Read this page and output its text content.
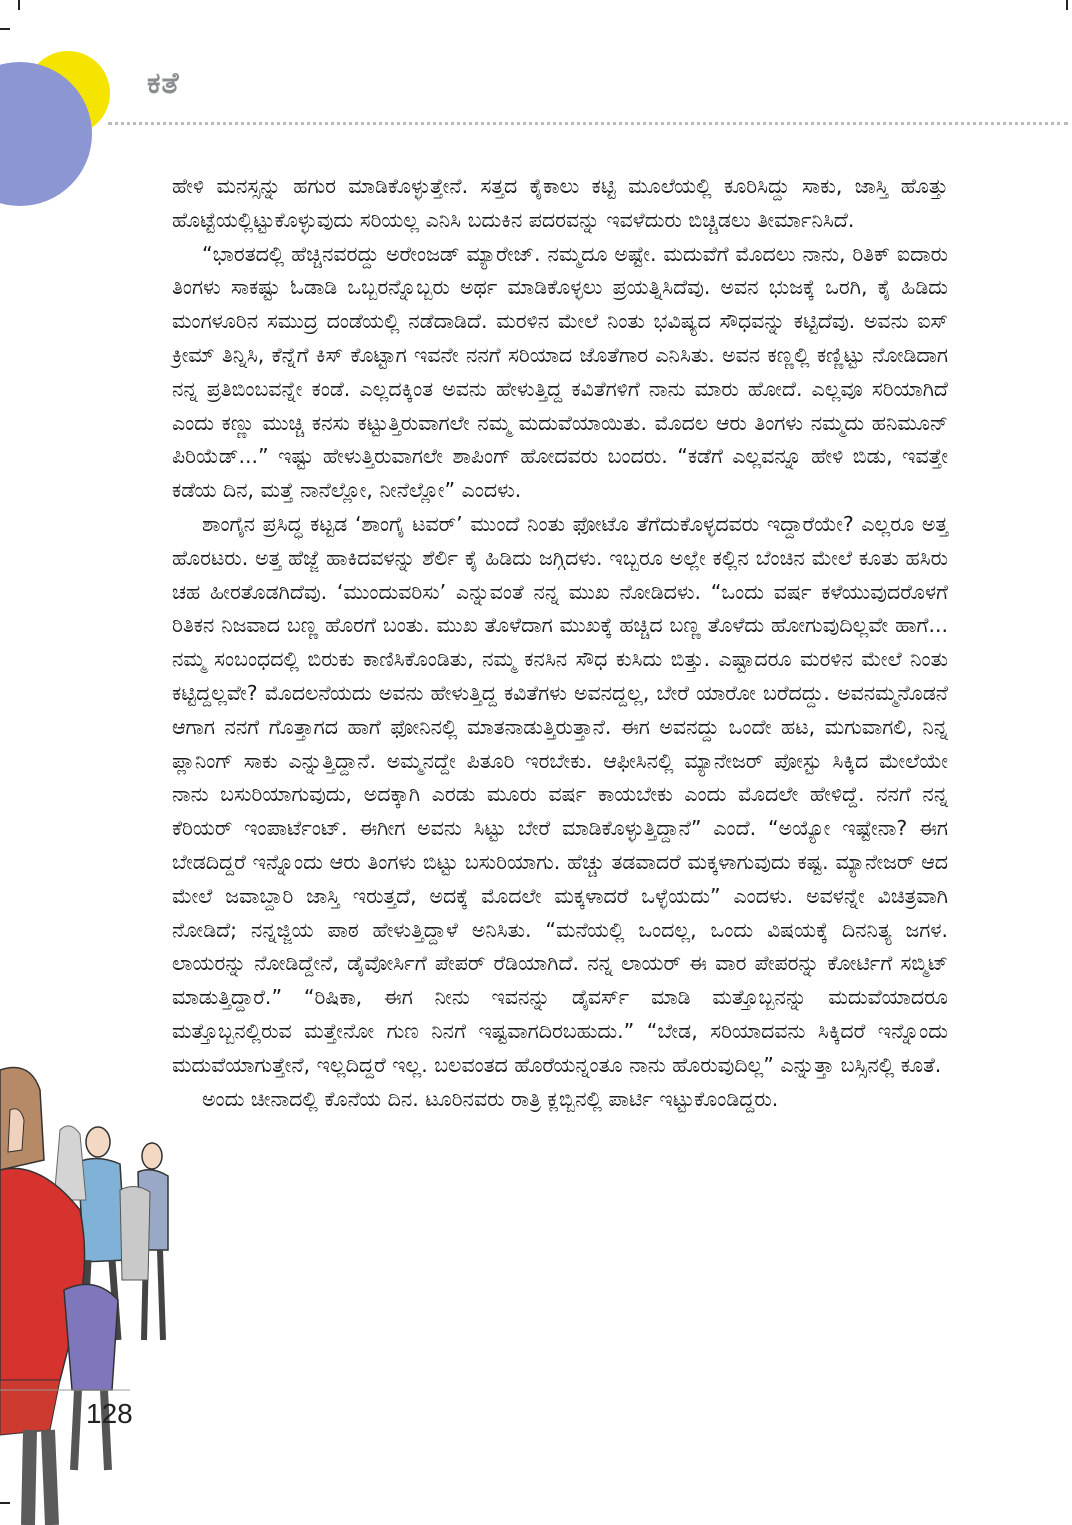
ಕತೆ

ಹೇಳಿ ಮನಸ್ಸನ್ನು ಹಗುರ ಮಾಡಿಕೊಳ್ಳುತ್ತೇನೆ. ಸತ್ತದ ಕೈಕಾಲು ಕಟ್ಟಿ ಮೂಲೆಯಲ್ಲಿ ಕೂರಿಸಿದ್ದು ಸಾಕು, ಜಾಸ್ತಿ ಹೊತ್ತು ಹೊಟ್ಟೆಯಲ್ಲಿಟ್ಟುಕೊಳ್ಳುವುದು ಸರಿಯಲ್ಲ ಎನಿಸಿ ಬದುಕಿನ ಪದರವನ್ನು ಇವಳೆದುರು ಬಿಚ್ಚಿಡಲು ತೀರ್ಮಾನಿಸಿದೆ.

“ಭಾರತದಲ್ಲಿ ಹೆಚ್ಚಿನವರದ್ದು ಅರೇಂಜಡ್ ಮ್ಯಾರೇಜ್. ನಮ್ಮದೂ ಅಷ್ಟೇ. ಮದುವೆಗೆ ಮೊದಲು ನಾನು, ರಿತಿಕ್ ಐದಾರು ತಿಂಗಳು ಸಾಕಷ್ಟು ಓಡಾಡಿ ಒಬ್ಬರನ್ನೊಬ್ಬರು ಅರ್ಥ ಮಾಡಿಕೊಳ್ಳಲು ಪ್ರಯತ್ನಿಸಿದೆವು. ಅವನ ಭುಜಕ್ಕೆ ಒರಗಿ, ಕೈ ಹಿಡಿದು ಮಂಗಳೂರಿನ ಸಮುದ್ರ ದಂಡೆಯಲ್ಲಿ ನಡೆದಾಡಿದೆ. ಮರಳಿನ ಮೇಲೆ ನಿಂತು ಭವಿಷ್ಯದ ಸೌಧವನ್ನು ಕಟ್ಟಿದೆವು. ಅವನು ಐಸ್ ಕ್ರೀಮ್ ತಿನ್ನಿಸಿ, ಕೆನ್ನೆಗೆ ಕಿಸ್ ಕೊಟ್ಟಾಗ ಇವನೇ ನನಗೆ ಸರಿಯಾದ ಜೊತೆಗಾರ ಎನಿಸಿತು. ಅವನ ಕಣ್ಣಲ್ಲಿ ಕಣ್ಣಿಟ್ಟು ನೋಡಿದಾಗ ನನ್ನ ಪ್ರತಿಬಿಂಬವನ್ನೇ ಕಂಡೆ. ಎಲ್ಲದಕ್ಕಿಂತ ಅವನು ಹೇಳುತ್ತಿದ್ದ ಕವಿತೆಗಳಿಗೆ ನಾನು ಮಾರು ಹೋದೆ. ಎಲ್ಲವೂ ಸರಿಯಾಗಿದೆ ಎಂದು ಕಣ್ಣು ಮುಚ್ಚಿ ಕನಸು ಕಟ್ಟುತ್ತಿರುವಾಗಲೇ ನಮ್ಮ ಮದುವೆಯಾಯಿತು. ಮೊದಲ ಆರು ತಿಂಗಳು ನಮ್ಮದು ಹನಿಮೂನ್ ಪಿರಿಯೆಡ್...” ಇಷ್ಟು ಹೇಳುತ್ತಿರುವಾಗಲೇ ಶಾಪಿಂಗ್ ಹೋದವರು ಬಂದರು. “ಕಡೆಗೆ ಎಲ್ಲವನ್ನೂ ಹೇಳಿ ಬಿಡು, ಇವತ್ತೇ ಕಡೆಯ ದಿನ, ಮತ್ತೆ ನಾನೆಲ್ಲೋ, ನೀನೆಲ್ಲೋ” ಎಂದಳು.

ಶಾಂಗೈನ ಪ್ರಸಿದ್ಧ ಕಟ್ಟಡ ‘ಶಾಂಗೈ ಟವರ್’ ಮುಂದೆ ನಿಂತು ಫೋಟೊ ತೆಗೆದುಕೊಳ್ಳದವರು ಇದ್ದಾರೆಯೇ? ಎಲ್ಲರೂ ಅತ್ತ ಹೊರಟರು. ಅತ್ತ ಹೆಜ್ಜೆ ಹಾಕಿದವಳನ್ನು ಶೆರ್ಲಿ ಕೈ ಹಿಡಿದು ಜಗ್ಗಿದಳು. ಇಬ್ಬರೂ ಅಲ್ಲೇ ಕಲ್ಲಿನ ಬೆಂಚಿನ ಮೇಲೆ ಕೂತು ಹಸಿರು ಚಹ ಹೀರತೊಡಗಿದೆವು. ‘ಮುಂದುವರಿಸು’ ಎನ್ನುವಂತೆ ನನ್ನ ಮುಖ ನೋಡಿದಳು. “ಒಂದು ವರ್ಷ ಕಳೆಯುವುದರೊಳಗೆ ರಿತಿಕನ ನಿಜವಾದ ಬಣ್ಣ ಹೊರಗೆ ಬಂತು. ಮುಖ ತೊಳೆದಾಗ ಮುಖಕ್ಕೆ ಹಚ್ಚಿದ ಬಣ್ಣ ತೊಳೆದು ಹೋಗುವುದಿಲ್ಲವೇ ಹಾಗೆ... ನಮ್ಮ ಸಂಬಂಧದಲ್ಲಿ ಬಿರುಕು ಕಾಣಿಸಿಕೊಂಡಿತು, ನಮ್ಮ ಕನಸಿನ ಸೌಧ ಕುಸಿದು ಬಿತ್ತು. ಎಷ್ಟಾದರೂ ಮರಳಿನ ಮೇಲೆ ನಿಂತು ಕಟ್ಟಿದ್ದಲ್ಲವೇ? ಮೊದಲನೆಯದು ಅವನು ಹೇಳುತ್ತಿದ್ದ ಕವಿತೆಗಳು ಅವನದ್ದಲ್ಲ, ಬೇರೆ ಯಾರೋ ಬರೆದದ್ದು. ಅವನಮ್ಮನೊಡನೆ ಆಗಾಗ ನನಗೆ ಗೊತ್ತಾಗದ ಹಾಗೆ ಫೋನಿನಲ್ಲಿ ಮಾತನಾಡುತ್ತಿರುತ್ತಾನೆ. ಈಗ ಅವನದ್ದು ಒಂದೇ ಹಟ, ಮಗುವಾಗಲಿ, ನಿನ್ನ ಪ್ಲಾನಿಂಗ್ ಸಾಕು ಎನ್ನುತ್ತಿದ್ದಾನೆ. ಅಮ್ಮನದ್ದೇ ಪಿತೂರಿ ಇರಬೇಕು. ಆಫೀಸಿನಲ್ಲಿ ಮ್ಯಾನೇಜರ್ ಪೋಸ್ಟು ಸಿಕ್ಕಿದ ಮೇಲೆಯೇ ನಾನು ಬಸುರಿಯಾಗುವುದು, ಅದಕ್ಕಾಗಿ ಎರಡು ಮೂರು ವರ್ಷ ಕಾಯಬೇಕು ಎಂದು ಮೊದಲೇ ಹೇಳಿದ್ದೆ. ನನಗೆ ನನ್ನ ಕೆರಿಯರ್ ಇಂಪಾರ್ಟೆಂಟ್. ಈಗೀಗ ಅವನು ಸಿಟ್ಟು ಬೇರೆ ಮಾಡಿಕೊಳ್ಳುತ್ತಿದ್ದಾನೆ” ಎಂದೆ. “ಅಯ್ಯೋ ಇಷ್ಟೇನಾ? ಈಗ ಬೇಡದಿದ್ದರೆ ಇನ್ನೊಂದು ಆರು ತಿಂಗಳು ಬಿಟ್ಟು ಬಸುರಿಯಾಗು. ಹೆಚ್ಚು ತಡವಾದರೆ ಮಕ್ಕಳಾಗುವುದು ಕಷ್ಟ. ಮ್ಯಾನೇಜರ್ ಆದ ಮೇಲೆ ಜವಾಬ್ದಾರಿ ಜಾಸ್ತಿ ಇರುತ್ತದೆ, ಅದಕ್ಕೆ ಮೊದಲೇ ಮಕ್ಕಳಾದರೆ ಒಳ್ಳೆಯದು” ಎಂದಳು. ಅವಳನ್ನೇ ವಿಚಿತ್ರವಾಗಿ ನೋಡಿದೆ; ನನ್ನಜ್ಜಿಯ ಪಾಠ ಹೇಳುತ್ತಿದ್ದಾಳೆ ಅನಿಸಿತು. “ಮನೆಯಲ್ಲಿ ಒಂದಲ್ಲ, ಒಂದು ವಿಷಯಕ್ಕೆ ದಿನನಿತ್ಯ ಜಗಳ. ಲಾಯರನ್ನು ನೋಡಿದ್ದೇನೆ, ಡೈವೋರ್ಸಿಗೆ ಪೇಪರ್ ರೆಡಿಯಾಗಿದೆ. ನನ್ನ ಲಾಯರ್ ಈ ವಾರ ಪೇಪರನ್ನು ಕೋರ್ಟಿಗೆ ಸಬ್ಮಿಟ್ ಮಾಡುತ್ತಿದ್ದಾರೆ.” “ರಿಷಿಕಾ, ಈಗ ನೀನು ಇವನನ್ನು ಡೈವರ್ಸ್ ಮಾಡಿ ಮತ್ತೊಬ್ಬನನ್ನು ಮದುವೆಯಾದರೂ ಮತ್ತೊಬ್ಬನಲ್ಲಿರುವ ಮತ್ತೇನೋ ಗುಣ ನಿನಗೆ ಇಷ್ಟವಾಗದಿರಬಹುದು.” “ಬೇಡ, ಸರಿಯಾದವನು ಸಿಕ್ಕಿದರೆ ಇನ್ನೊಂದು ಮದುವೆಯಾಗುತ್ತೇನೆ, ಇಲ್ಲದಿದ್ದರೆ ಇಲ್ಲ. ಬಲವಂತದ ಹೊರೆಯನ್ನಂತೂ ನಾನು ಹೊರುವುದಿಲ್ಲ” ಎನ್ನುತ್ತಾ ಬಸ್ಸಿನಲ್ಲಿ ಕೂತೆ.

ಅಂದು ಚೀನಾದಲ್ಲಿ ಕೊನೆಯ ದಿನ. ಟೂರಿನವರು ರಾತ್ರಿ ಕ್ಲಬ್ಬಿನಲ್ಲಿ ಪಾರ್ಟಿ ಇಟ್ಟುಕೊಂಡಿದ್ದರು.

128
